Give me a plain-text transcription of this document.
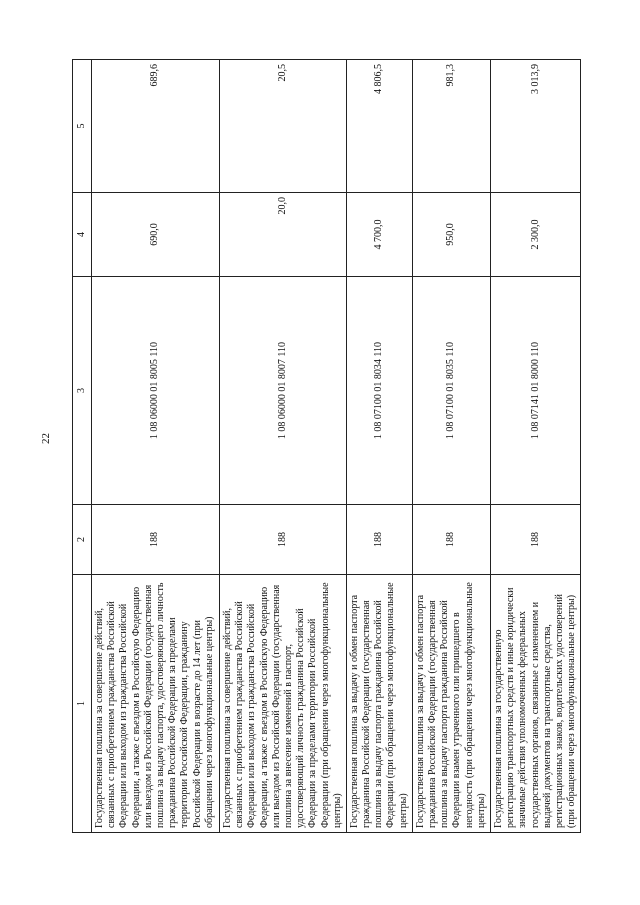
22
1	2	3	4	5
Государственная пошлина за совершение действий, связанных с приобретением гражданства Российской Федерации или выходом из гражданства Российской Федерации, а также с въездом в Российскую Федерацию или выездом из Российской Федерации (государственная пошлина за выдачу паспорта, удостоверяющего личность гражданина Российской Федерации за пределами территории Российской Федерации, гражданину Российской Федерации в возрасте до 14 лет (при обращении через многофункциональные центры)	188	1 08 06000 01 8005 110	690,0	689,6
Государственная пошлина за совершение действий, связанных с приобретением гражданства Российской Федерации или выходом из гражданства Российской Федерации, а также с въездом в Российскую Федерацию или выездом из Российской Федерации (государственная пошлина за внесение изменений в паспорт, удостоверяющий личность гражданина Российской Федерации за пределами территории Российской Федерации (при обращении через многофункциональные центры)	188	1 08 06000 01 8007 110	20,0	20,5
Государственная пошлина за выдачу и обмен паспорта гражданина Российской Федерации (государственная пошлина за выдачу паспорта гражданина Российской Федерации (при обращении через многофункциональные центры)	188	1 08 07100 01 8034 110	4 700,0	4 806,5
Государственная пошлина за выдачу и обмен паспорта гражданина Российской Федерации (государственная пошлина за выдачу паспорта гражданина Российской Федерации взамен утраченного или пришедшего в негодность (при обращении через многофункциональные центры)	188	1 08 07100 01 8035 110	950,0	981,3
Государственная пошлина за государственную регистрацию транспортных средств и иные юридически значимые действия уполномоченных федеральных государственных органов, связанные с изменением и выдачей документов на транспортные средства, регистрационных знаков, водительских удостоверений (при обращении через многофункциональные центры)	188	1 08 07141 01 8000 110	2 300,0	3 013,9
